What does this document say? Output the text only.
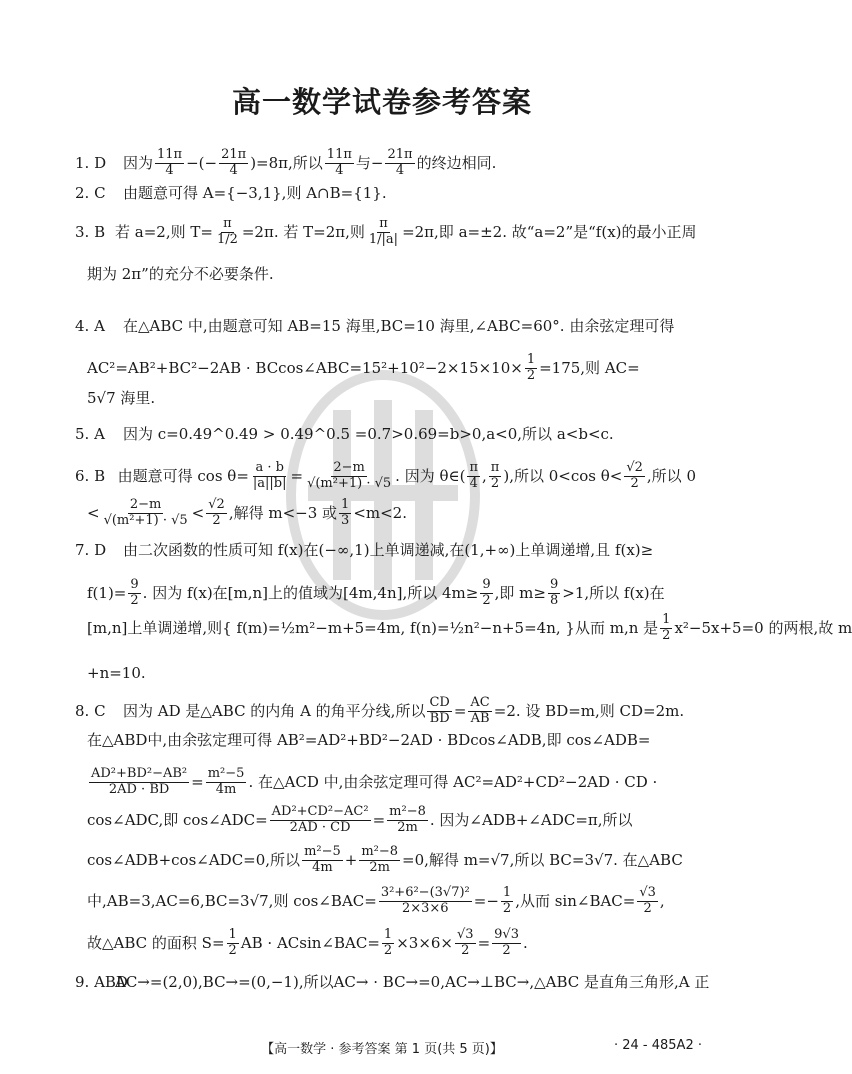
高一数学试卷参考答案
1. D	因为 $\frac{11\pi}{4}$ −(− $\frac{21\pi}{4} )=8\pi$,所以 $\frac{11\pi}{4}$ 与− $\frac{21\pi}{4}$ 的终边相同.
2. C	由题意可得 A={−3,1},则 A∩B={1}.
3. B 若 a=2,则 $T= \frac{\pi}{1/2} =2\pi$. 若 T=2π,则 $\frac{\pi}{1/|a|} =2\pi$,即 a=±2. 故“a=2”是“f(x)的最小正周
期为 2π”的充分不必要条件.
4. A	在△ABC 中,由题意可知 AB=15 海里,BC=10 海里,∠ABC=60°. 由余弦定理可得
AC²=AB²+BC²−2AB · BCcos∠ABC=15²+10²−2×15×10× $\frac{1}{2} =175$,则 AC=
5√7 海里.
5. A	因为 c=0.49^0.49 > 0.49^0.5 =0.7>0.69=b>0,a<0,所以 a<b<c.
6. B 由题意可得 $\cos \theta= \frac{a \cdot b}{|a||b|} = \frac{2-m}{\text{√(m²+1) · √5}}$ . 因为 θ∈( $\frac{\pi}{4}$ , $\frac{\pi}{2}$ ),所以 0<cos $\theta< \frac{√2}{2}$ ,所以 0
< $\frac{2-m}{\text{√(m²+1) · √5}} < \frac{√2}{2}$ ,解得 m<−3 或 $\frac{1}{3} <m<2$.
7. D	由二次函数的性质可知 f(x)在(−∞,1)上单调递减,在(1,+∞)上单调递增,且 f(x)≥
$f(1)= \frac{9}{2}$ . 因为 f(x)在[m,n]上的值域为[4m,4n],所以 $4m\ge \frac{9}{2}$ ,即 $m\ge \frac{9}{8} >1$,所以 f(x)在
[m,n]上单调递增,则 { f(m)=½m²−m+5=4m, f(n)=½n²−n+5=4n, } 从而 m,n 是 $\frac{1}{2} x^2-5x+5=0$ 的两根,故 m
+n=10.
8. C	因为 AD 是△ABC 的内角 A 的角平分线,所以 $\frac{CD}{BD} = \frac{AC}{AB} =2$. 设 BD=m,则 CD=2m.
在△ABD中,由余弦定理可得 AB²=AD²+BD²−2AD · BDcos∠ADB,即 cos∠ADB=
$\frac{\text{AD²+BD²−AB²}}{2AD \cdot BD} = \frac{\text{m²−5}}{4m}$ . 在△ACD 中,由余弦定理可得 AC²=AD²+CD²−2AD · CD ·
cos∠ADC,即 cos∠ADC= $\frac{\text{AD²+CD²−AC²}}{2AD \cdot CD} = \frac{\text{m²−8}}{2m}$ . 因为∠ADB+∠ADC=π,所以
cos∠ADB+cos∠ADC=0,所以 $\frac{\text{m²−5}}{4m} + \frac{\text{m²−8}}{2m} =0$,解得 m=√7,所以 BC=3√7. 在△ABC
中,AB=3,AC=6,BC=3√7,则 cos∠BAC= $\frac{\text{3²+6²−(3√7)²}}{2\times 3\times 6} =- \frac{1}{2}$ ,从而 sin∠BAC= $\frac{√3}{2}$ ,
故△ABC 的面积 $S= \frac{1}{2}$ AB · ACsin∠BAC= $\frac{1}{2} \times 3\times 6\times \frac{√3}{2} = \frac{9√3}{2}$ .
9. ABD
AC→=(2,0),BC→=(0,−1),所以AC→ · BC→=0,AC→⊥BC→,△ABC 是直角三角形,A 正
【高一数学 · 参考答案 第 1 页(共 5 页)】	· 24 - 485A2 ·
